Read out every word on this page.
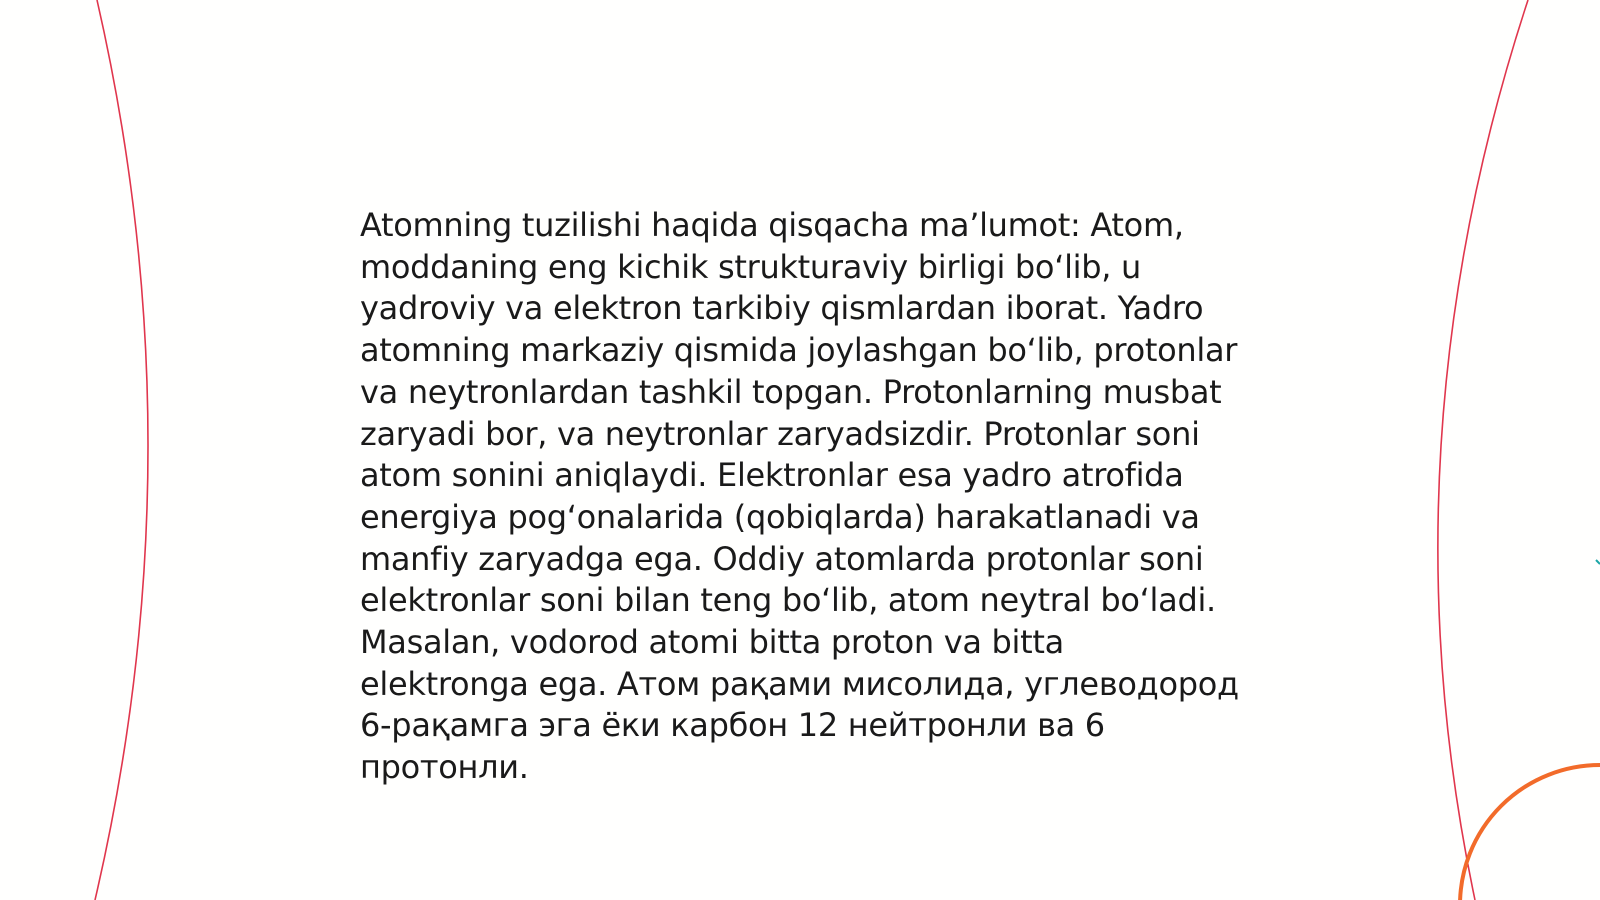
Atomning tuzilishi haqida qisqacha maʼlumot: Atom, moddaning eng kichik strukturaviy birligi boʻlib, u yadroviy va elektron tarkibiy qismlardan iborat. Yadro atomning markaziy qismida joylashgan boʻlib, protonlar va neytronlardan tashkil topgan. Protonlarning musbat zaryadi bor, va neytronlar zaryadsizdir. Protonlar soni atom sonini aniqlaydi. Elektronlar esa yadro atrofida energiya pogʻonalarida (qobiqlarda) harakatlanadi va manfiy zaryadga ega. Oddiy atomlarda protonlar soni elektronlar soni bilan teng boʻlib, atom neytral boʻladi. Masalan, vodorod atomi bitta proton va bitta elektronga ega. Атом рақами мисолида, углеводород 6-рақамга эга ёки карбон 12 нейтронли ва 6 протонли.
